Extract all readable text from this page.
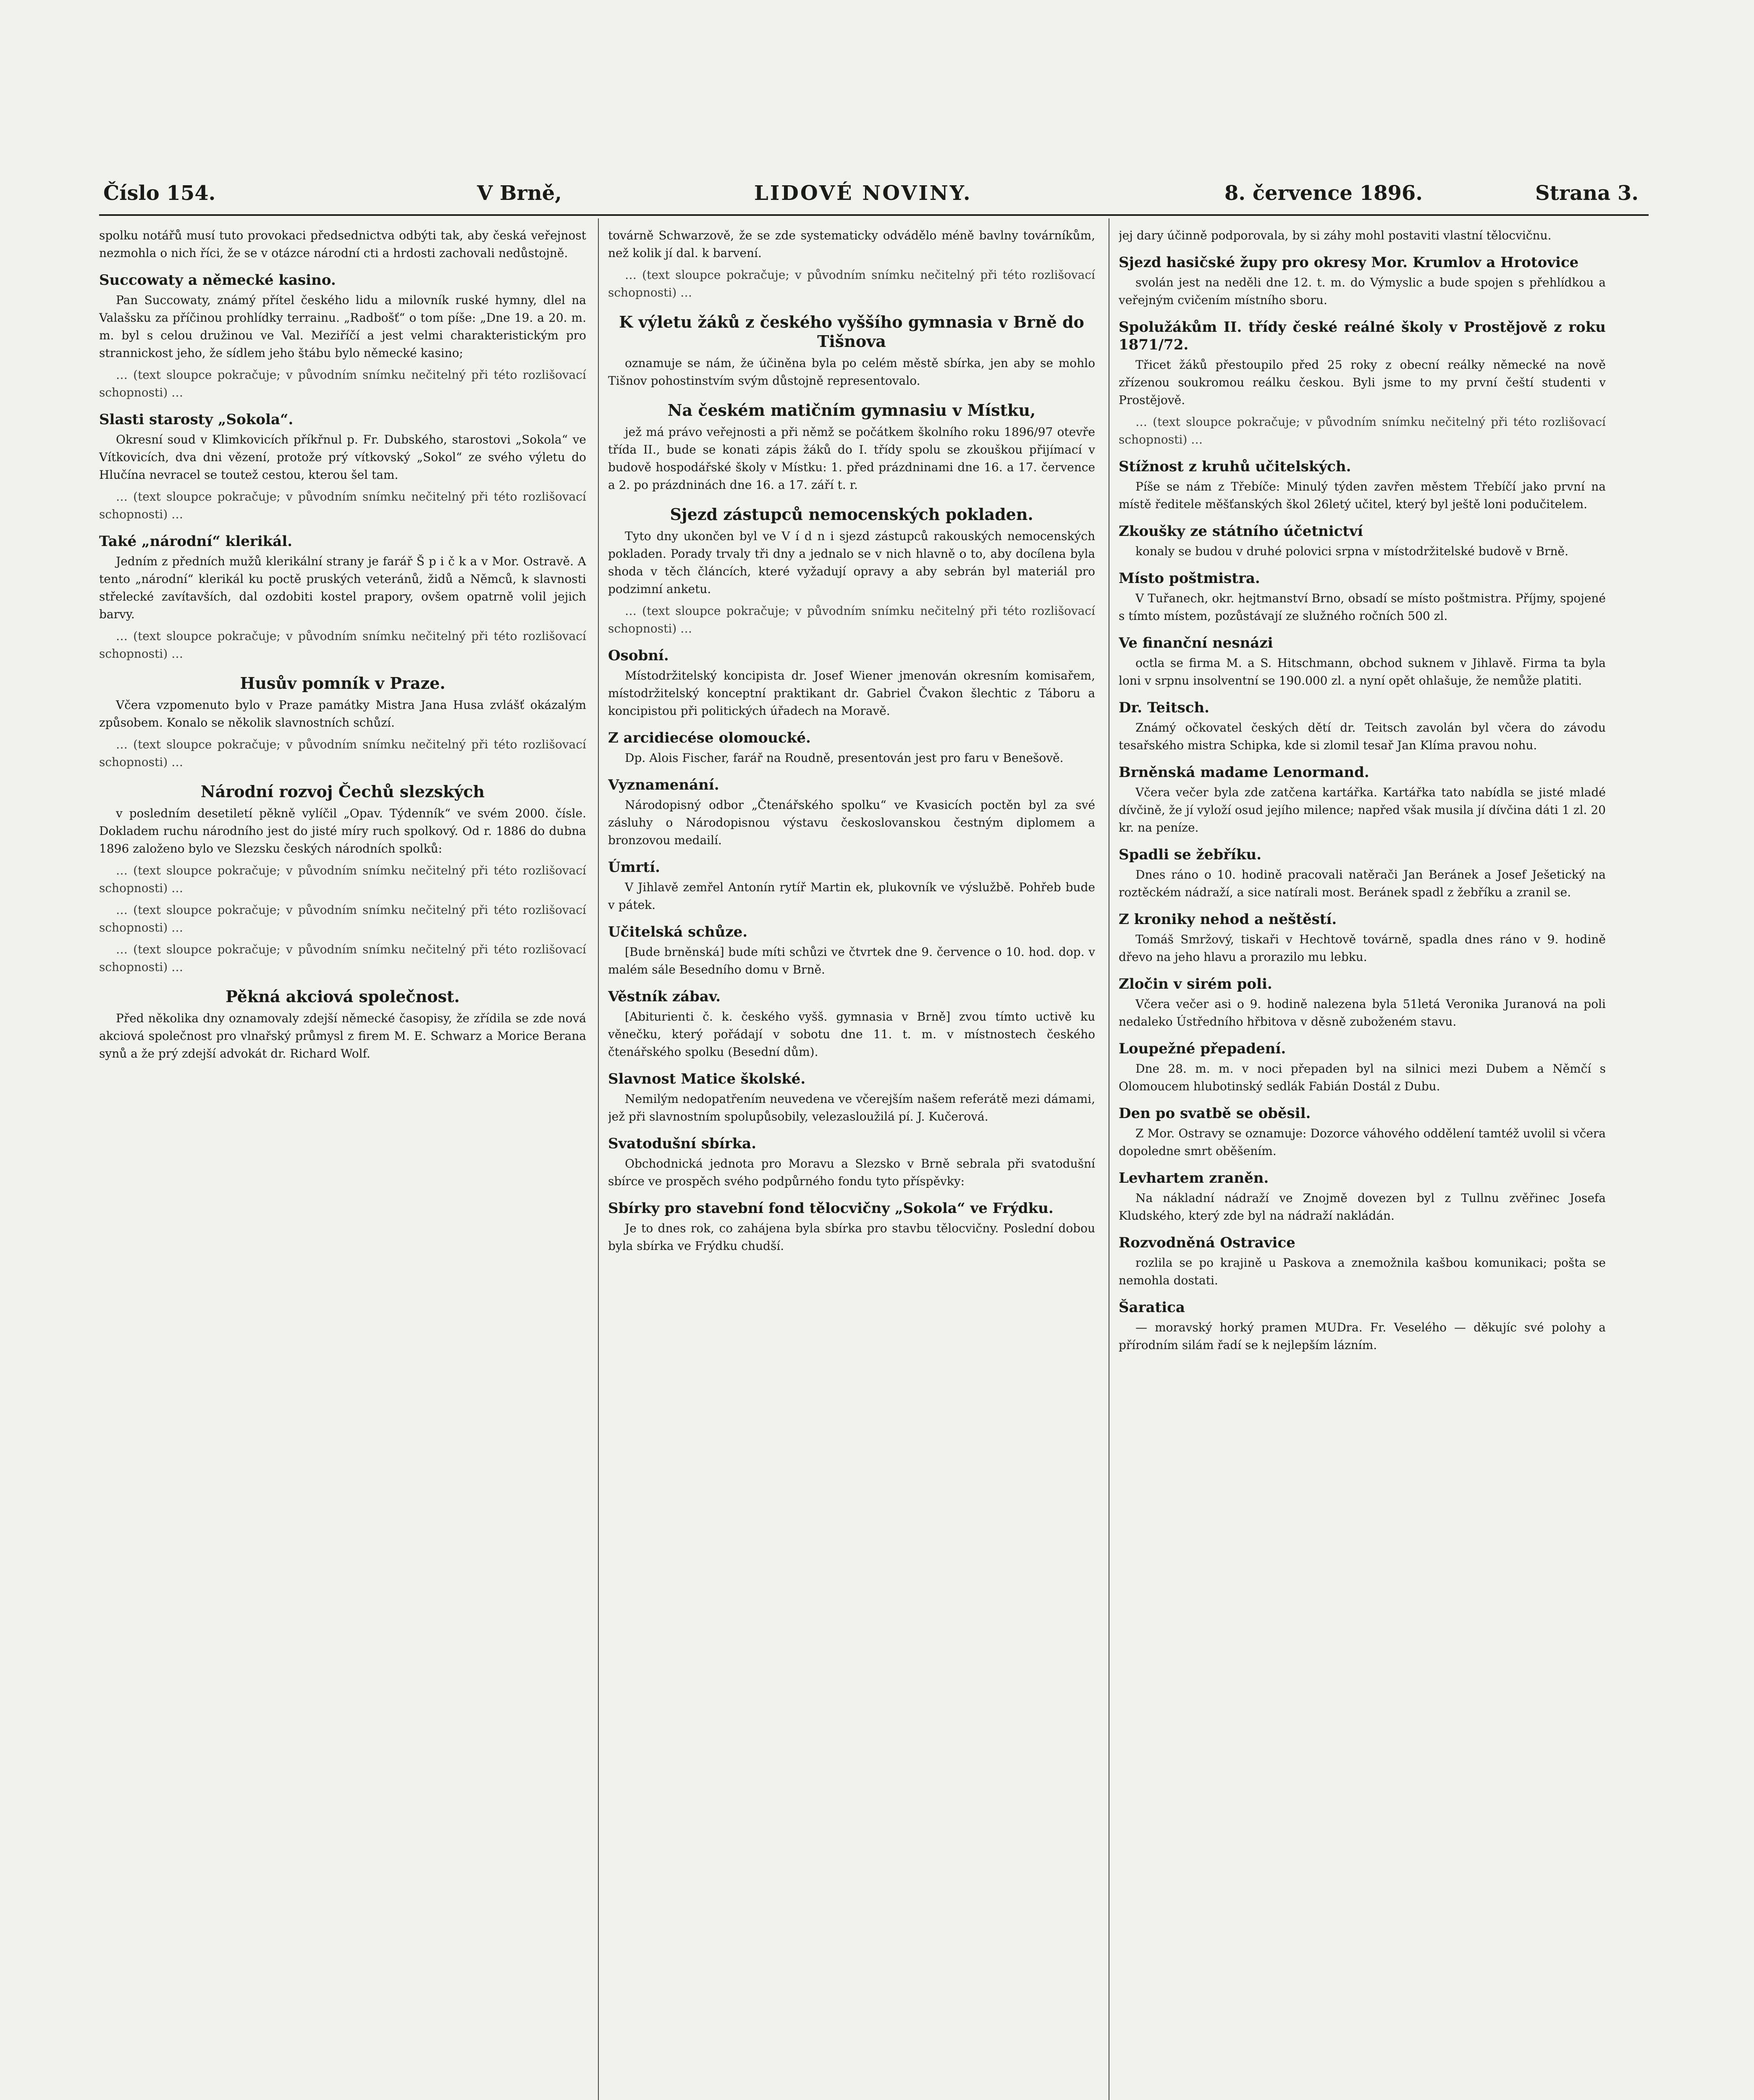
Číslo 154.	V Brně,	LIDOVÉ NOVINY.	8. července 1896.	Strana 3.

spolku notářů musí tuto provokaci předsednictva odbýti tak, aby česká veřejnost nezmohla o nich říci, že se v otázce národní cti a hrdosti zachovali nedůstojně.

Succowaty a německé kasino.

Pan Succowaty, známý přítel českého lidu a milovník ruské hymny, dlel na Valašsku za příčinou prohlídky terrainu. „Radbošť“ o tom píše: „Dne 19. a 20. m. m. byl s celou družinou ve Val. Meziříčí a jest velmi charakteristickým pro strannickost jeho, že sídlem jeho štábu bylo německé kasino;

… (text sloupce pokračuje; v původním snímku nečitelný při této rozlišovací schopnosti) …

Slasti starosty „Sokola“.

Okresní soud v Klimkovicích příkřnul p. Fr. Dubského, starostovi „Sokola“ ve Vítkovicích, dva dni vězení, protože prý vítkovský „Sokol“ ze svého výletu do Hlučína nevracel se toutež cestou, kterou šel tam.

… (text sloupce pokračuje; v původním snímku nečitelný při této rozlišovací schopnosti) …

Také „národní“ klerikál.

Jedním z předních mužů klerikální strany je farář Š p i č k a v Mor. Ostravě. A tento „národní“ klerikál ku poctě pruských veteránů, židů a Němců, k slavnosti střelecké zavítavších, dal ozdobiti kostel prapory, ovšem opatrně volil jejich barvy.

… (text sloupce pokračuje; v původním snímku nečitelný při této rozlišovací schopnosti) …

Husův pomník v Praze.

Včera vzpomenuto bylo v Praze památky Mistra Jana Husa zvlášť okázalým způsobem. Konalo se několik slavnostních schůzí.

… (text sloupce pokračuje; v původním snímku nečitelný při této rozlišovací schopnosti) …

Národní rozvoj Čechů slezských

v posledním desetiletí pěkně vylíčil „Opav. Týdenník“ ve svém 2000. čísle. Dokladem ruchu národního jest do jisté míry ruch spolkový. Od r. 1886 do dubna 1896 založeno bylo ve Slezsku českých národních spolků:

… (text sloupce pokračuje; v původním snímku nečitelný při této rozlišovací schopnosti) …

… (text sloupce pokračuje; v původním snímku nečitelný při této rozlišovací schopnosti) …

… (text sloupce pokračuje; v původním snímku nečitelný při této rozlišovací schopnosti) …

Pěkná akciová společnost.

Před několika dny oznamovaly zdejší německé časopisy, že zřídila se zde nová akciová společnost pro vlnařský průmysl z firem M. E. Schwarz a Morice Berana synů a že prý zdejší advokát dr. Richard Wolf.

továrně Schwarzově, že se zde systematicky odvádělo méně bavlny továrníkům, než kolik jí dal. k barvení.

… (text sloupce pokračuje; v původním snímku nečitelný při této rozlišovací schopnosti) …

K výletu žáků z českého vyššího gymnasia v Brně do Tišnova

oznamuje se nám, že účiněna byla po celém městě sbírka, jen aby se mohlo Tišnov pohostinstvím svým důstojně representovalo.

Na českém matičním gymnasiu v Místku,

jež má právo veřejnosti a při němž se počátkem školního roku 1896/97 otevře třída II., bude se konati zápis žáků do I. třídy spolu se zkouškou přijímací v budově hospodářské školy v Místku: 1. před prázdninami dne 16. a 17. července a 2. po prázdninách dne 16. a 17. září t. r.

Sjezd zástupců nemocenských pokladen.

Tyto dny ukončen byl ve V í d n i sjezd zástupců rakouských nemocenských pokladen. Porady trvaly tři dny a jednalo se v nich hlavně o to, aby docílena byla shoda v těch článcích, které vyžadují opravy a aby sebrán byl materiál pro podzimní anketu.

… (text sloupce pokračuje; v původním snímku nečitelný při této rozlišovací schopnosti) …

Osobní.

Místodržitelský koncipista dr. Josef Wiener jmenován okresním komisařem, místodržitelský konceptní praktikant dr. Gabriel Čvakon šlechtic z Táboru a koncipistou při politických úřadech na Moravě.

Z arcidiecése olomoucké.

Dp. Alois Fischer, farář na Roudně, presentován jest pro faru v Benešově.

Vyznamenání.

Národopisný odbor „Čtenářského spolku“ ve Kvasicích poctěn byl za své zásluhy o Národopisnou výstavu českoslovanskou čestným diplomem a bronzovou medailí.

Úmrtí.

V Jihlavě zemřel Antonín rytíř Martin ek, plukovník ve výslužbě. Pohřeb bude v pátek.

Učitelská schůze.

[Bude brněnská] bude míti schůzi ve čtvrtek dne 9. července o 10. hod. dop. v malém sále Besedního domu v Brně.

Věstník zábav.

[Abiturienti č. k. českého vyšš. gymnasia v Brně] zvou tímto uctivě ku věnečku, který pořádají v sobotu dne 11. t. m. v místnostech českého čtenářského spolku (Besední dům).

Slavnost Matice školské.

Nemilým nedopatřením neuvedena ve včerejším našem referátě mezi dámami, jež při slavnostním spolupůsobily, velezasloužilá pí. J. Kučerová.

Svatodušní sbírka.

Obchodnická jednota pro Moravu a Slezsko v Brně sebrala při svatodušní sbírce ve prospěch svého podpůrného fondu tyto příspěvky:

Sbírky pro stavební fond tělocvičny „Sokola“ ve Frýdku.

Je to dnes rok, co zahájena byla sbírka pro stavbu tělocvičny. Poslední dobou byla sbírka ve Frýdku chudší.

jej dary účinně podporovala, by si záhy mohl postaviti vlastní tělocvičnu.

Sjezd hasičské župy pro okresy Mor. Krumlov a Hrotovice

svolán jest na neděli dne 12. t. m. do Výmyslic a bude spojen s přehlídkou a veřejným cvičením místního sboru.

Spolužákům II. třídy české reálné školy v Prostějově z roku 1871/72.

Třicet žáků přestoupilo před 25 roky z obecní reálky německé na nově zřízenou soukromou reálku českou. Byli jsme to my první čeští studenti v Prostějově.

… (text sloupce pokračuje; v původním snímku nečitelný při této rozlišovací schopnosti) …

Stížnost z kruhů učitelských.

Píše se nám z Třebíče: Minulý týden zavřen městem Třebíčí jako první na místě ředitele měšťanských škol 26letý učitel, který byl ještě loni podučitelem.

Zkoušky ze státního účetnictví

konaly se budou v druhé polovici srpna v místodržitelské budově v Brně.

Místo poštmistra.

V Tuřanech, okr. hejtmanství Brno, obsadí se místo poštmistra. Příjmy, spojené s tímto místem, pozůstávají ze služného ročních 500 zl.

Ve finanční nesnázi

octla se firma M. a S. Hitschmann, obchod suknem v Jihlavě. Firma ta byla loni v srpnu insolventní se 190.000 zl. a nyní opět ohlašuje, že nemůže platiti.

Dr. Teitsch.

Známý očkovatel českých dětí dr. Teitsch zavolán byl včera do závodu tesařského mistra Schipka, kde si zlomil tesař Jan Klíma pravou nohu.

Brněnská madame Lenormand.

Včera večer byla zde zatčena kartářka. Kartářka tato nabídla se jisté mladé dívčině, že jí vyloží osud jejího milence; napřed však musila jí dívčina dáti 1 zl. 20 kr. na peníze.

Spadli se žebříku.

Dnes ráno o 10. hodině pracovali natěrači Jan Beránek a Josef Ješetický na roztěckém nádraží, a sice natírali most. Beránek spadl z žebříku a zranil se.

Z kroniky nehod a neštěstí.

Tomáš Smržový, tiskaři v Hechtově továrně, spadla dnes ráno v 9. hodině dřevo na jeho hlavu a prorazilo mu lebku.

Zločin v sirém poli.

Včera večer asi o 9. hodině nalezena byla 51letá Veronika Juranová na poli nedaleko Ústředního hřbitova v děsně zuboženém stavu.

Loupežné přepadení.

Dne 28. m. m. v noci přepaden byl na silnici mezi Dubem a Němčí s Olomoucem hlubotinský sedlák Fabián Dostál z Dubu.

Den po svatbě se oběsil.

Z Mor. Ostravy se oznamuje: Dozorce váhového oddělení tamtéž uvolil si včera dopoledne smrt oběšením.

Levhartem zraněn.

Na nákladní nádraží ve Znojmě dovezen byl z Tullnu zvěřinec Josefa Kludského, který zde byl na nádraží nakládán.

Rozvodněná Ostravice

rozlila se po krajině u Paskova a znemožnila kašbou komunikaci; pošta se nemohla dostati.

Šaratica

— moravský horký pramen MUDra. Fr. Veselého — děkujíc své polohy a přírodním silám řadí se k nejlepším lázním.
